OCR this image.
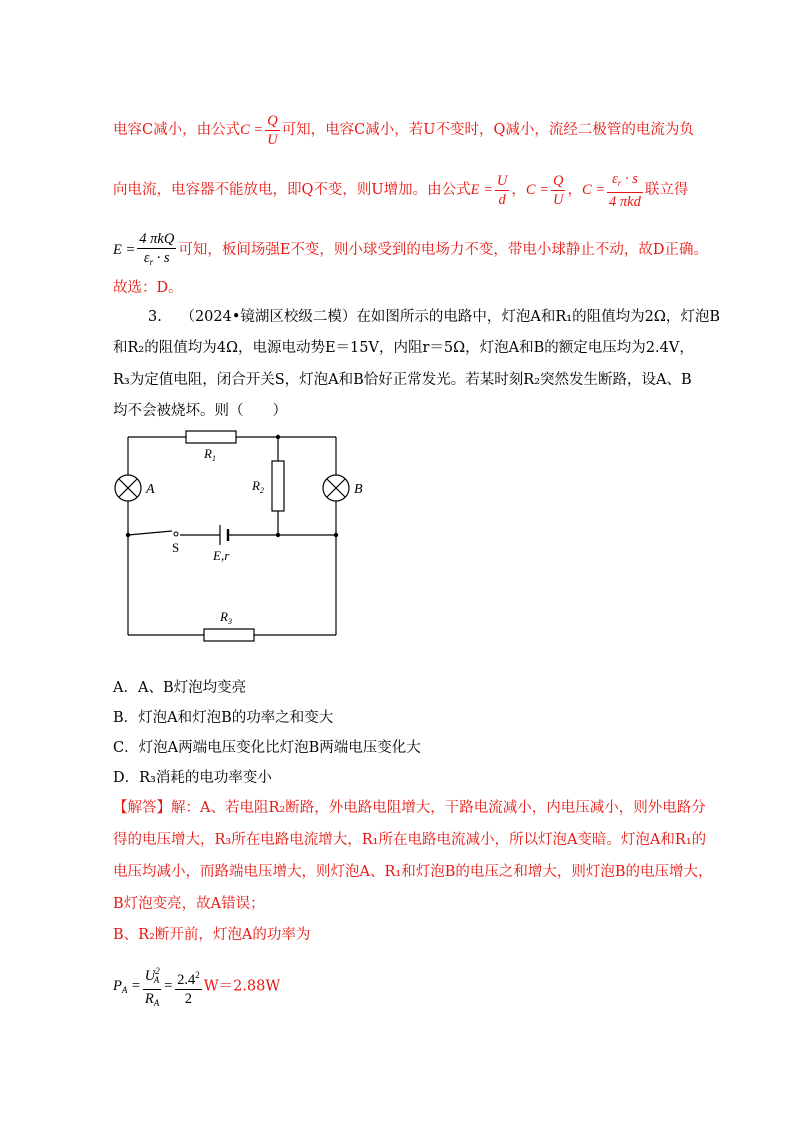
电容C减小，由公式$C = \frac{Q}{U}$ 可知，电容C减小，若U不变时，Q减小，流经二极管的电流为负
向电流，电容器不能放电，即Q不变，则U增加。由公式$E = \frac{U}{d}$ ，$C = \frac{Q}{U}$ ，$C = \frac{\varepsilon_r \cdot s}{\text{4 πkd}}$ 联立得
$E = \frac{\text{4 πkQ}}{\varepsilon_r \cdot s}$ 可知，板间场强E不变，则小球受到的电场力不变，带电小球静止不动，故D正确。
故选：D。
3. （2024•镜湖区校级二模）在如图所示的电路中，灯泡A和R₁的阻值均为2Ω，灯泡B
和R₂的阻值均为4Ω，电源电动势E＝15V，内阻r＝5Ω，灯泡A和B的额定电压均为2.4V，
R₃为定值电阻，闭合开关S，灯泡A和B恰好正常发光。若某时刻R₂突然发生断路，设A、B
均不会被烧坏。则（　　）
$R_1$
$R_2$
$R_3$
A	B
S
E,r
A．A、B灯泡均变亮
B．灯泡A和灯泡B的功率之和变大
C．灯泡A两端电压变化比灯泡B两端电压变化大
D．R₃消耗的电功率变小
【解答】解：A、若电阻R₂断路，外电路电阻增大，干路电流减小，内电压减小，则外电路分
得的电压增大，R₃所在电路电流增大，R₁所在电路电流减小，所以灯泡A变暗。灯泡A和R₁的
电压均减小，而路端电压增大，则灯泡A、R₁和灯泡B的电压之和增大，则灯泡B的电压增大，
B灯泡变亮，故A错误；
B、R₂断开前，灯泡A的功率为
$P_A = \frac{U^2_A}{R_A} = \frac{2.4^2}{2} W=2.88W$
